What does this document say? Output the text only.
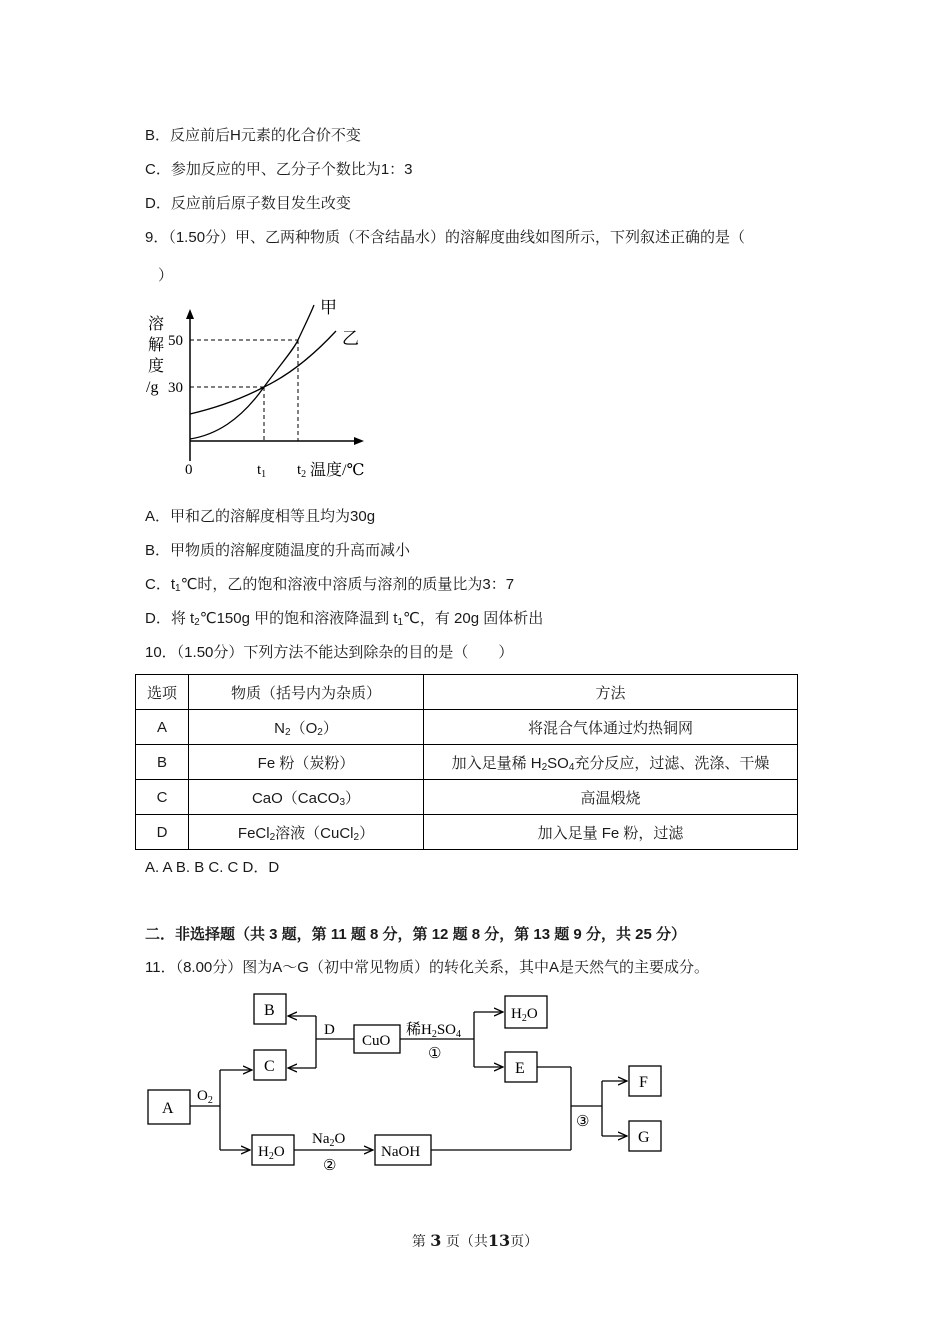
B．反应前后H元素的化合价不变
C．参加反应的甲、乙分子个数比为1：3
D．反应前后原子数目发生改变
9．（1.50分）甲、乙两种物质（不含结晶水）的溶解度曲线如图所示，下列叙述正确的是（
）
溶
解
度
/g
50
30
0	$t_1$ $t_2$ 温度/℃
甲
乙
A．甲和乙的溶解度相等且均为30g
B．甲物质的溶解度随温度的升高而减小
C．$t_1℃$时，乙的饱和溶液中溶质与溶剂的质量比为3：7
D．将 $t_2℃150g$ 甲的饱和溶液降温到 $t_1℃$，有 20g 固体析出
10．（1.50分）下列方法不能达到除杂的目的是（　　）
选项	物质（括号内为杂质）	方法
A	$N_2(O_2)$	将混合气体通过灼热铜网
B	Fe 粉（炭粉）	加入足量稀 $H_2SO_4$充分反应，过滤、洗涤、干燥
C	CaO（CaCO$_3$）	高温煅烧
D	FeCl$_2$溶液（CuCl$_2$）	加入足量 Fe 粉，过滤
A. A B. B C. C D．D
二．非选择题（共 3 题，第 11 题 8 分，第 12 题 8 分，第 13 题 9 分，共 25 分）
11．（8.00分）图为A～G（初中常见物质）的转化关系，其中A是天然气的主要成分。
A
B
C
CuO
$H_2O$
E
F
G
$H_2O$	NaOH
$O_2$
D	稀$H_2SO_4$
①
$Na_2O$
②
③
第 3 页（共13页）
